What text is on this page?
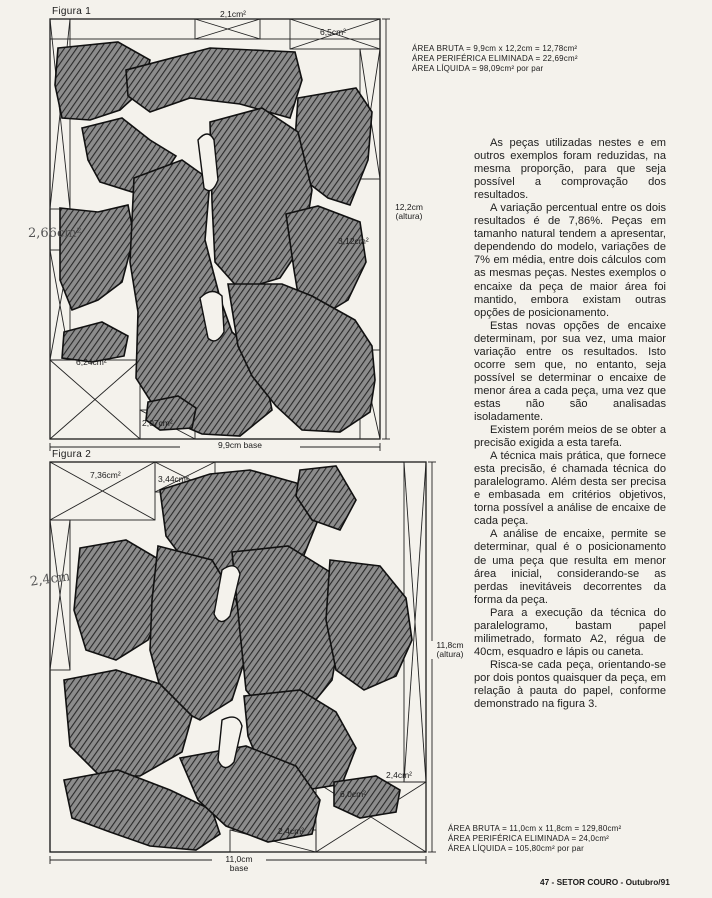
Figura 1	2,1cm²
6,5cm²
2,66cm²	3,12cm²
6,24cm²
2,07cm²
12,2cm
(altura)
9,9cm base
ÁREA BRUTA = 9,9cm x 12,2cm = 12,78cm²
ÁREA PERIFÉRICA ELIMINADA = 22,69cm²
ÁREA LÍQUIDA = 98,09cm² por par
Figura 2
7,36cm²	3,44cm²
2,4cm
2,4cm²
6,0cm²
2,4cm²
11,8cm
(altura)
11,0cm
base
ÁREA BRUTA = 11,0cm x 11,8cm = 129,80cm²
ÁREA PERIFÉRICA ELIMINADA = 24,0cm²
ÁREA LÍQUIDA = 105,80cm² por par

As peças utilizadas nestes e em outros exemplos foram reduzidas, na mesma proporção, para que seja possível a comprovação dos resultados.

A variação percentual entre os dois resultados é de 7,86%. Peças em tamanho natural tendem a apresentar, dependendo do modelo, variações de 7% em média, entre dois cálculos com as mesmas peças. Nestes exemplos o encaixe da peça de maior área foi mantido, embora existam outras opções de posicionamento.

Estas novas opções de encaixe determinam, por sua vez, uma maior variação entre os resultados. Isto ocorre sem que, no entanto, seja possível se determinar o encaixe de menor área a cada peça, uma vez que estas não são analisadas isoladamente.

Existem porém meios de se obter a precisão exigida a esta tarefa.

A técnica mais prática, que fornece esta precisão, é chamada técnica do paralelogramo. Além desta ser precisa e embasada em critérios objetivos, torna possível a análise de encaixe de cada peça.

A análise de encaixe, permite se determinar, qual é o posicionamento de uma peça que resulta em menor área inicial, considerando-se as perdas inevitáveis decorrentes da forma da peça.

Para a execução da técnica do paralelogramo, bastam papel milimetrado, formato A2, régua de 40cm, esquadro e lápis ou caneta.

Risca-se cada peça, orientando-se por dois pontos quaisquer da peça, em relação à pauta do papel, conforme demonstrado na figura 3.

47 - SETOR COURO - Outubro/91
